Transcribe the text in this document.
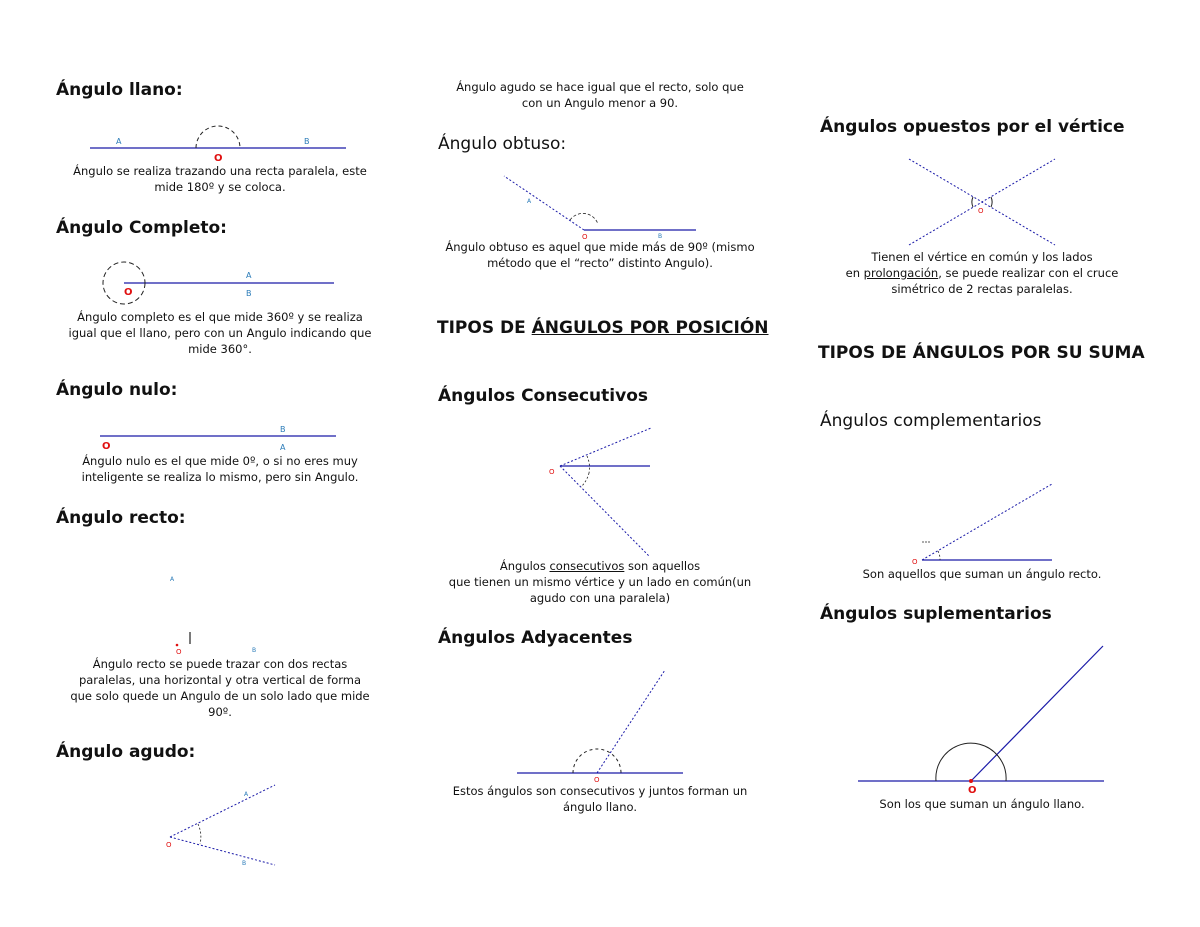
Ángulo llano:
A	B
O
Ángulo se realiza trazando una recta paralela, este
mide 180º y se coloca.
Ángulo Completo:
A
B
O
Ángulo completo es el que mide 360º y se realiza
igual que el llano, pero con un Angulo indicando que
mide 360°.
Ángulo nulo:
B
A
O
Ángulo nulo es el que mide 0º, o si no eres muy
inteligente se realiza lo mismo, pero sin Angulo.
Ángulo recto:
A
O	B
Ángulo recto se puede trazar con dos rectas
paralelas, una horizontal y otra vertical de forma
que solo quede un Angulo de un solo lado que mide
90º.
Ángulo agudo:
A
B
O
Ángulo agudo se hace igual que el recto, solo que
con un Angulo menor a 90.
Ángulo obtuso:
A
B
O
Ángulo obtuso es aquel que mide más de 90º (mismo
método que el “recto” distinto Angulo).
TIPOS DE ÁNGULOS POR POSICIÓN
Ángulos Consecutivos
O
Ángulos consecutivos son aquellos
que tienen un mismo vértice y un lado en común(un
agudo con una paralela)
Ángulos Adyacentes
O
Estos ángulos son consecutivos y juntos forman un
ángulo llano.
Ángulos opuestos por el vértice
O
Tienen el vértice en común y los lados
en prolongación, se puede realizar con el cruce
simétrico de 2 rectas paralelas.
TIPOS DE ÁNGULOS POR SU SUMA
Ángulos complementarios
O
Son aquellos que suman un ángulo recto.
Ángulos suplementarios
O
Son los que suman un ángulo llano.
